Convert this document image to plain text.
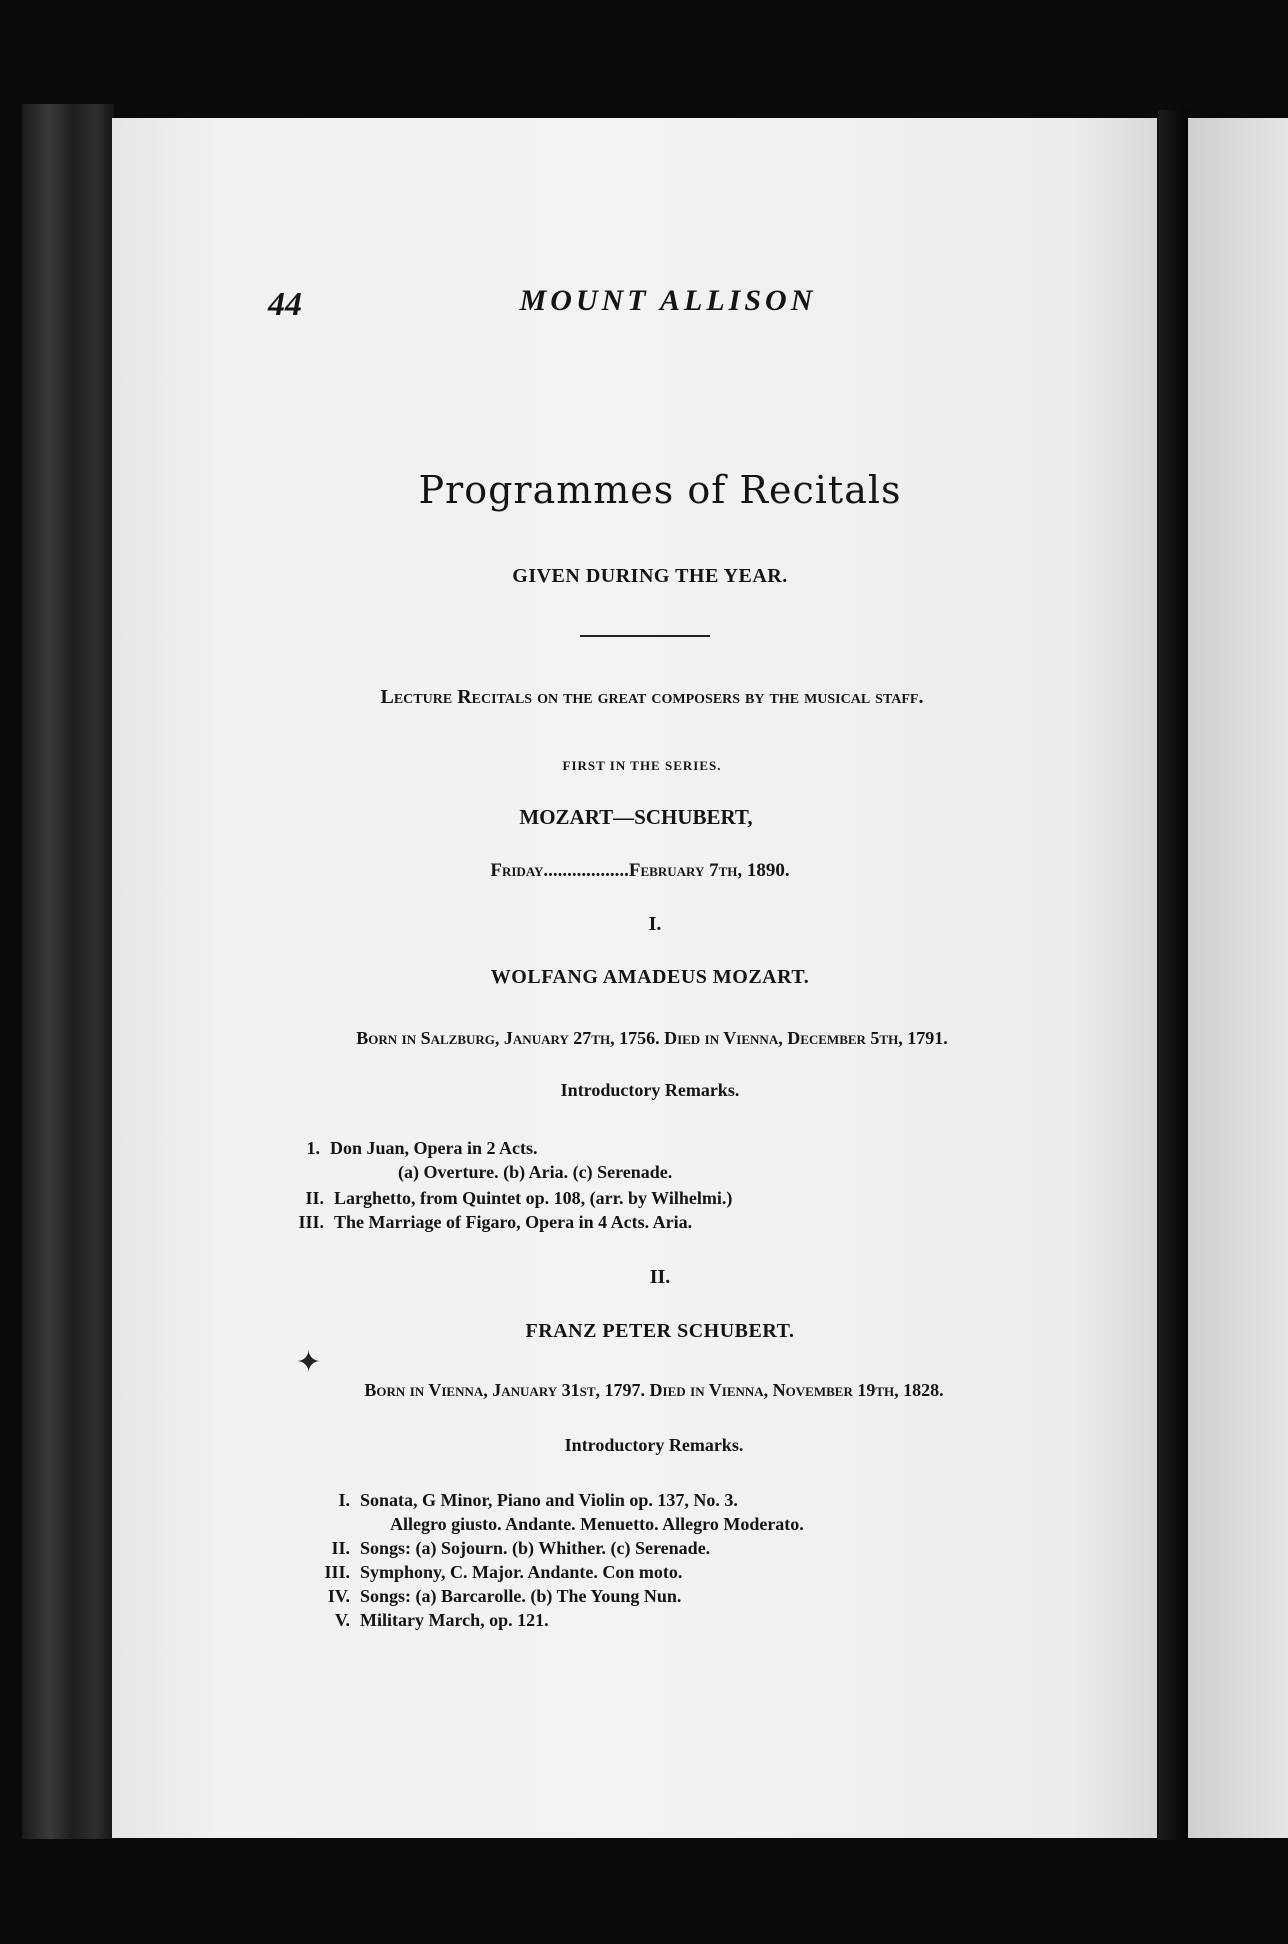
44	MOUNT ALLISON
Programmes of Recitals
GIVEN DURING THE YEAR.
Lecture Recitals on the great composers by the musical staff.
FIRST IN THE SERIES.
MOZART—SCHUBERT,
Friday..................February 7th, 1890.
I.
WOLFANG AMADEUS MOZART.
Born in Salzburg, January 27th, 1756. Died in Vienna, December 5th, 1791.
Introductory Remarks.
1. Don Juan, Opera in 2 Acts.
(a) Overture. (b) Aria. (c) Serenade.
II. Larghetto, from Quintet op. 108, (arr. by Wilhelmi.)
III. The Marriage of Figaro, Opera in 4 Acts. Aria.
II.
FRANZ PETER SCHUBERT.
Born in Vienna, January 31st, 1797. Died in Vienna, November 19th, 1828.
Introductory Remarks.
I. Sonata, G Minor, Piano and Violin op. 137, No. 3.
Allegro giusto. Andante. Menuetto. Allegro Moderato.
II. Songs: (a) Sojourn. (b) Whither. (c) Serenade.
III. Symphony, C. Major. Andante. Con moto.
IV. Songs: (a) Barcarolle. (b) The Young Nun.
V. Military March, op. 121.
✦
